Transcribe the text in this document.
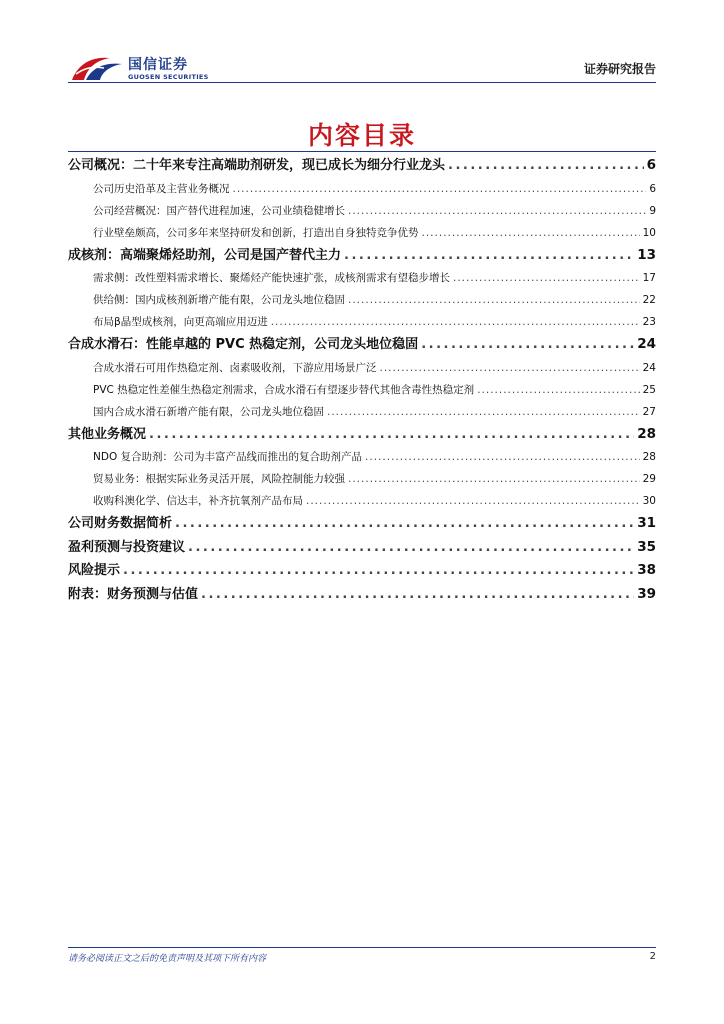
国信证券
GUOSEN SECURITIES
证券研究报告
内容目录
公司概况：二十年来专注高端助剂研发，现已成长为细分行业龙头 .....	6
公司历史沿革及主营业务概况 .....	6
公司经营概况：国产替代进程加速，公司业绩稳健增长 .....	9
行业壁垒颇高，公司多年来坚持研发和创新，打造出自身独特竞争优势 .....	10
成核剂：高端聚烯烃助剂，公司是国产替代主力 .....	13
需求侧：改性塑料需求增长、聚烯烃产能快速扩张，成核剂需求有望稳步增长 .....	17
供给侧：国内成核剂新增产能有限，公司龙头地位稳固 .....	22
布局β晶型成核剂，向更高端应用迈进 .....	23
合成水滑石：性能卓越的 PVC 热稳定剂，公司龙头地位稳固 .....	24
合成水滑石可用作热稳定剂、卤素吸收剂，下游应用场景广泛 .....	24
PVC 热稳定性差催生热稳定剂需求，合成水滑石有望逐步替代其他含毒性热稳定剂 .....	25
国内合成水滑石新增产能有限，公司龙头地位稳固 .....	27
其他业务概况 .....	28
NDO 复合助剂：公司为丰富产品线而推出的复合助剂产品 .....	28
贸易业务：根据实际业务灵活开展，风险控制能力较强 .....	29
收购科澳化学、信达丰，补齐抗氧剂产品布局 .....	30
公司财务数据简析 .....	31
盈利预测与投资建议 .....	35
风险提示 .....	38
附表：财务预测与估值 .....	39
请务必阅读正文之后的免责声明及其项下所有内容	2
